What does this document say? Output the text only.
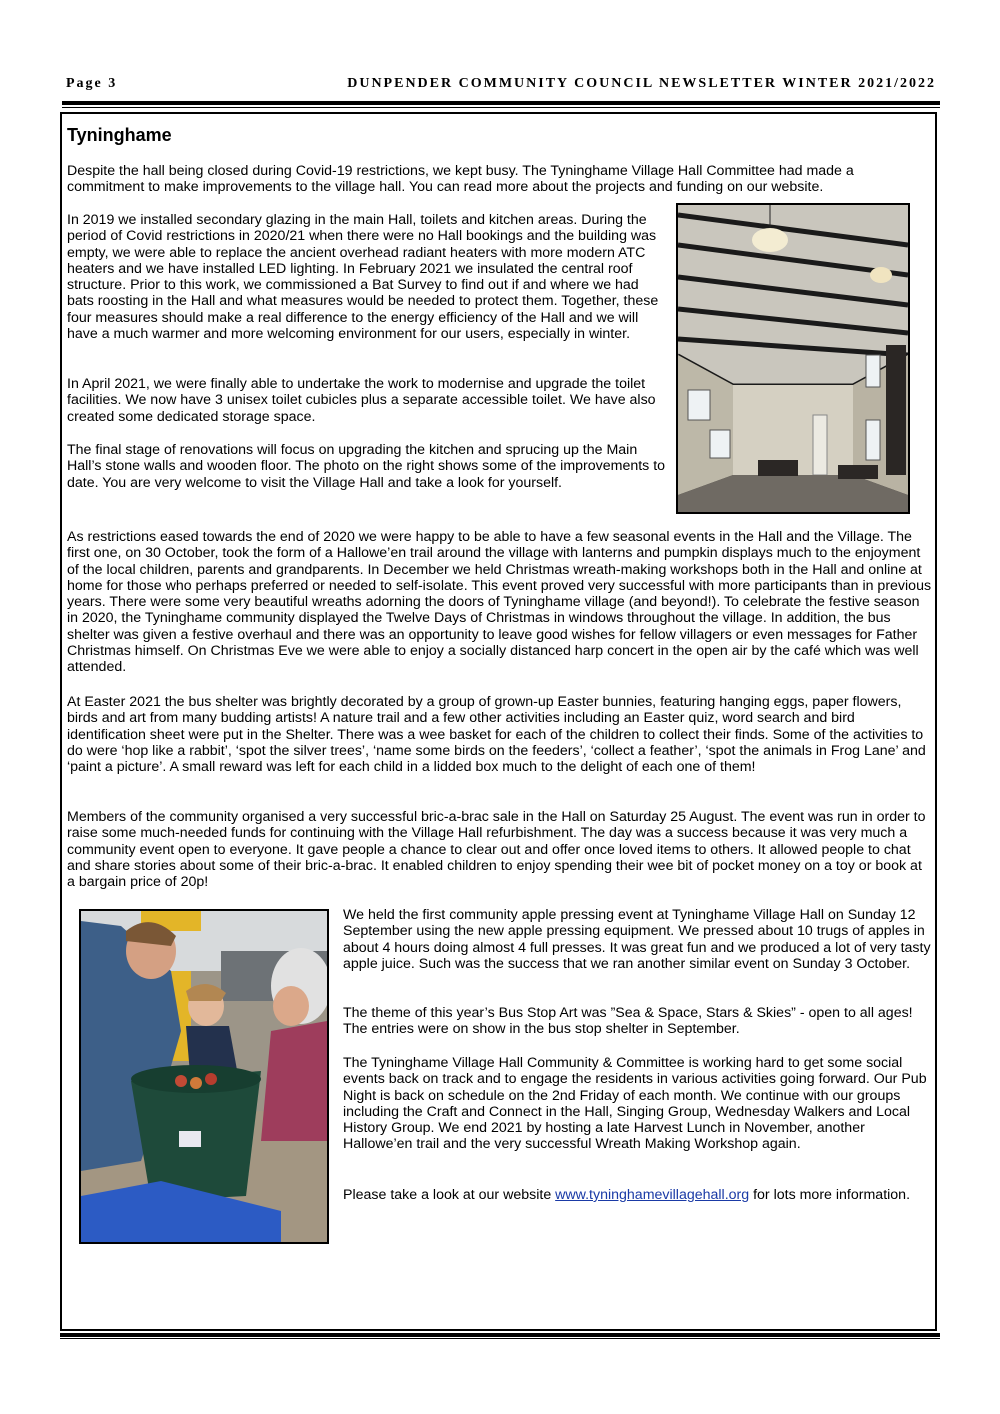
Page 3	DUNPENDER COMMUNITY COUNCIL NEWSLETTER WINTER 2021/2022
Tyninghame

Despite the hall being closed during Covid-19 restrictions, we kept busy. The Tyninghame Village Hall Committee had made a commitment to make improvements to the village hall. You can read more about the projects and funding on our website.

In 2019 we installed secondary glazing in the main Hall, toilets and kitchen areas. During the period of Covid restrictions in 2020/21 when there were no Hall bookings and the building was empty, we were able to replace the ancient overhead radiant heaters with more modern ATC heaters and we have installed LED lighting. In February 2021 we insulated the central roof structure. Prior to this work, we commissioned a Bat Survey to find out if and where we had bats roosting in the Hall and what measures would be needed to protect them. Together, these four measures should make a real difference to the energy efficiency of the Hall and we will have a much warmer and more welcoming environment for our users, especially in winter.

In April 2021, we were finally able to undertake the work to modernise and upgrade the toilet facilities. We now have 3 unisex toilet cubicles plus a separate accessible toilet. We have also created some dedicated storage space.

The final stage of renovations will focus on upgrading the kitchen and sprucing up the Main Hall’s stone walls and wooden floor. The photo on the right shows some of the improvements to date. You are very welcome to visit the Village Hall and take a look for yourself.

As restrictions eased towards the end of 2020 we were happy to be able to have a few seasonal events in the Hall and the Village. The first one, on 30 October, took the form of a Hallowe’en trail around the village with lanterns and pumpkin displays much to the enjoyment of the local children, parents and grandparents. In December we held Christmas wreath-making workshops both in the Hall and online at home for those who perhaps preferred or needed to self-isolate. This event proved very successful with more participants than in previous years. There were some very beautiful wreaths adorning the doors of Tyninghame village (and beyond!). To celebrate the festive season in 2020, the Tyninghame community displayed the Twelve Days of Christmas in windows throughout the village. In addition, the bus shelter was given a festive overhaul and there was an opportunity to leave good wishes for fellow villagers or even messages for Father Christmas himself. On Christmas Eve we were able to enjoy a socially distanced harp concert in the open air by the café which was well attended.

At Easter 2021 the bus shelter was brightly decorated by a group of grown-up Easter bunnies, featuring hanging eggs, paper flowers, birds and art from many budding artists! A nature trail and a few other activities including an Easter quiz, word search and bird identification sheet were put in the Shelter. There was a wee basket for each of the children to collect their finds. Some of the activities to do were ‘hop like a rabbit’, ‘spot the silver trees’, ‘name some birds on the feeders’, ‘collect a feather’, ‘spot the animals in Frog Lane’ and ‘paint a picture’. A small reward was left for each child in a lidded box much to the delight of each one of them!

Members of the community organised a very successful bric-a-brac sale in the Hall on Saturday 25 August. The event was run in order to raise some much-needed funds for continuing with the Village Hall refurbishment. The day was a success because it was very much a community event open to everyone. It gave people a chance to clear out and offer once loved items to others. It allowed people to chat and share stories about some of their bric-a-brac. It enabled children to enjoy spending their wee bit of pocket money on a toy or book at a bargain price of 20p!

We held the first community apple pressing event at Tyninghame Village Hall on Sunday 12 September using the new apple pressing equipment. We pressed about 10 trugs of apples in about 4 hours doing almost 4 full presses. It was great fun and we produced a lot of very tasty apple juice. Such was the success that we ran another similar event on Sunday 3 October.

The theme of this year’s Bus Stop Art was ”Sea & Space, Stars & Skies” - open to all ages! The entries were on show in the bus stop shelter in September.

The Tyninghame Village Hall Community & Committee is working hard to get some social events back on track and to engage the residents in various activities going forward. Our Pub Night is back on schedule on the 2nd Friday of each month. We continue with our groups including the Craft and Connect in the Hall, Singing Group, Wednesday Walkers and Local History Group. We end 2021 by hosting a late Harvest Lunch in November, another Hallowe’en trail and the very successful Wreath Making Workshop again.

Please take a look at our website www.tyninghamevillagehall.org for lots more information.
